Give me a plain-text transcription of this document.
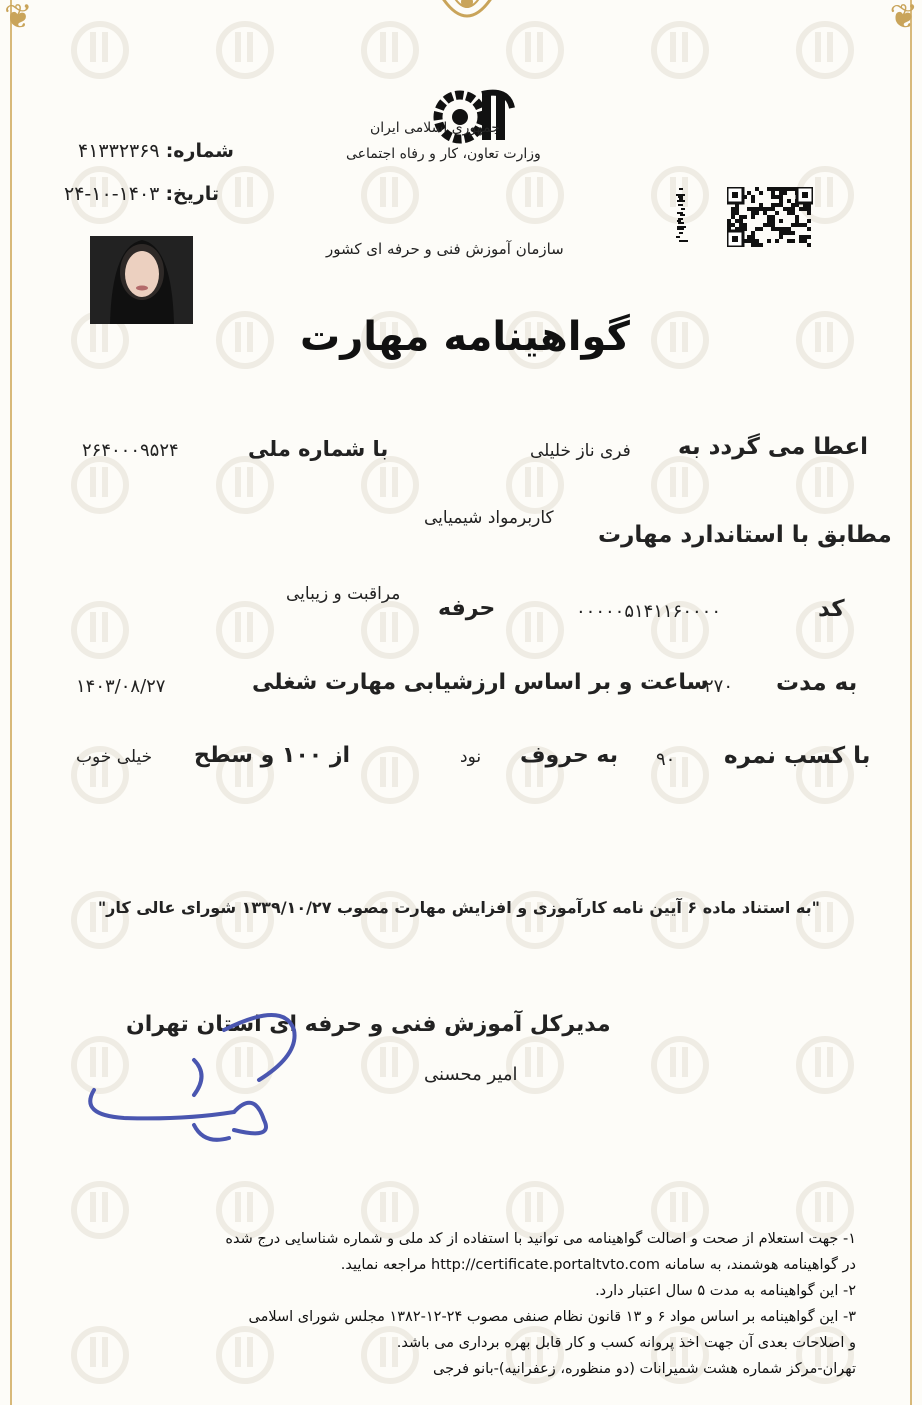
❦	❦
جمهوری اسلامی ایران
وزارت تعاون، کار و رفاه اجتماعی
سازمان آموزش فنی و حرفه ای کشور
شماره: ۴۱۳۳۲۳۶۹
تاریخ: ۱۴۰۳-۱۰-۲۴
گواهینامه مهارت
اعطا می گردد به
فری ناز خلیلی
با شماره ملی
۲۶۴۰۰۰۹۵۲۴
کاربرمواد شیمیایی
مطابق با استاندارد مهارت
کد
۰۰۰۰۰۵۱۴۱۱۶۰۰۰۰
حرفه
مراقبت و زیبایی
به مدت
۲۷۰
ساعت و بر اساس ارزشیابی مهارت شغلی
۱۴۰۳/۰۸/۲۷
با کسب نمره
۹۰
به حروف
نود
از ۱۰۰ و سطح
خیلی خوب
"به استناد ماده ۶ آیین نامه کارآموزی و افزایش مهارت مصوب ۱۳۳۹/۱۰/۲۷ شورای عالی کار"
مدیرکل آموزش فنی و حرفه ای استان تهران
امیر محسنی

۱- جهت استعلام از صحت و اصالت گواهینامه می توانید با استفاده از کد ملی و شماره شناسایی درج شده

در گواهینامه هوشمند، به سامانه http://certificate.portaltvto.com مراجعه نمایید.

۲- این گواهینامه به مدت ۵ سال اعتبار دارد.

۳- این گواهینامه بر اساس مواد ۶ و ۱۳ قانون نظام صنفی مصوب ۲۴-۱۲-۱۳۸۲ مجلس شورای اسلامی

و اصلاحات بعدی آن جهت اخذ پروانه کسب و کار قابل بهره برداری می باشد.

تهران-مرکز شماره هشت شمیرانات (دو منظوره، زعفرانیه)-بانو فرجی
